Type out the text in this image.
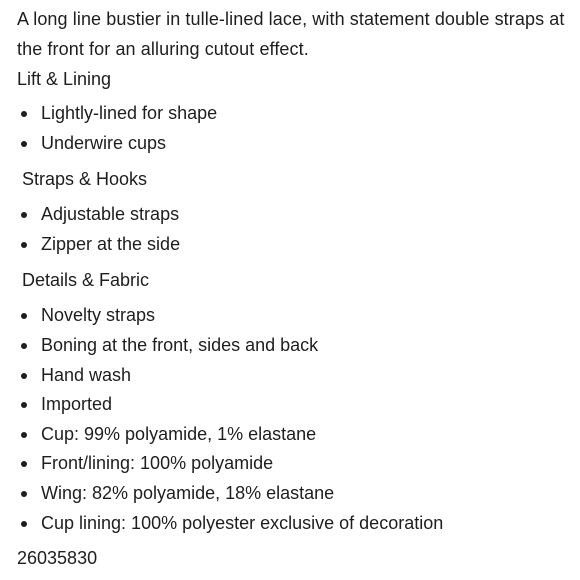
A long line bustier in tulle-lined lace, with statement double straps at the front for an alluring cutout effect.

Lift & Lining
Lightly-lined for shape
Underwire cups
Straps & Hooks
Adjustable straps
Zipper at the side
Details & Fabric
Novelty straps
Boning at the front, sides and back
Hand wash
Imported
Cup: 99% polyamide, 1% elastane
Front/lining: 100% polyamide
Wing: 82% polyamide, 18% elastane
Cup lining: 100% polyester exclusive of decoration
26035830
